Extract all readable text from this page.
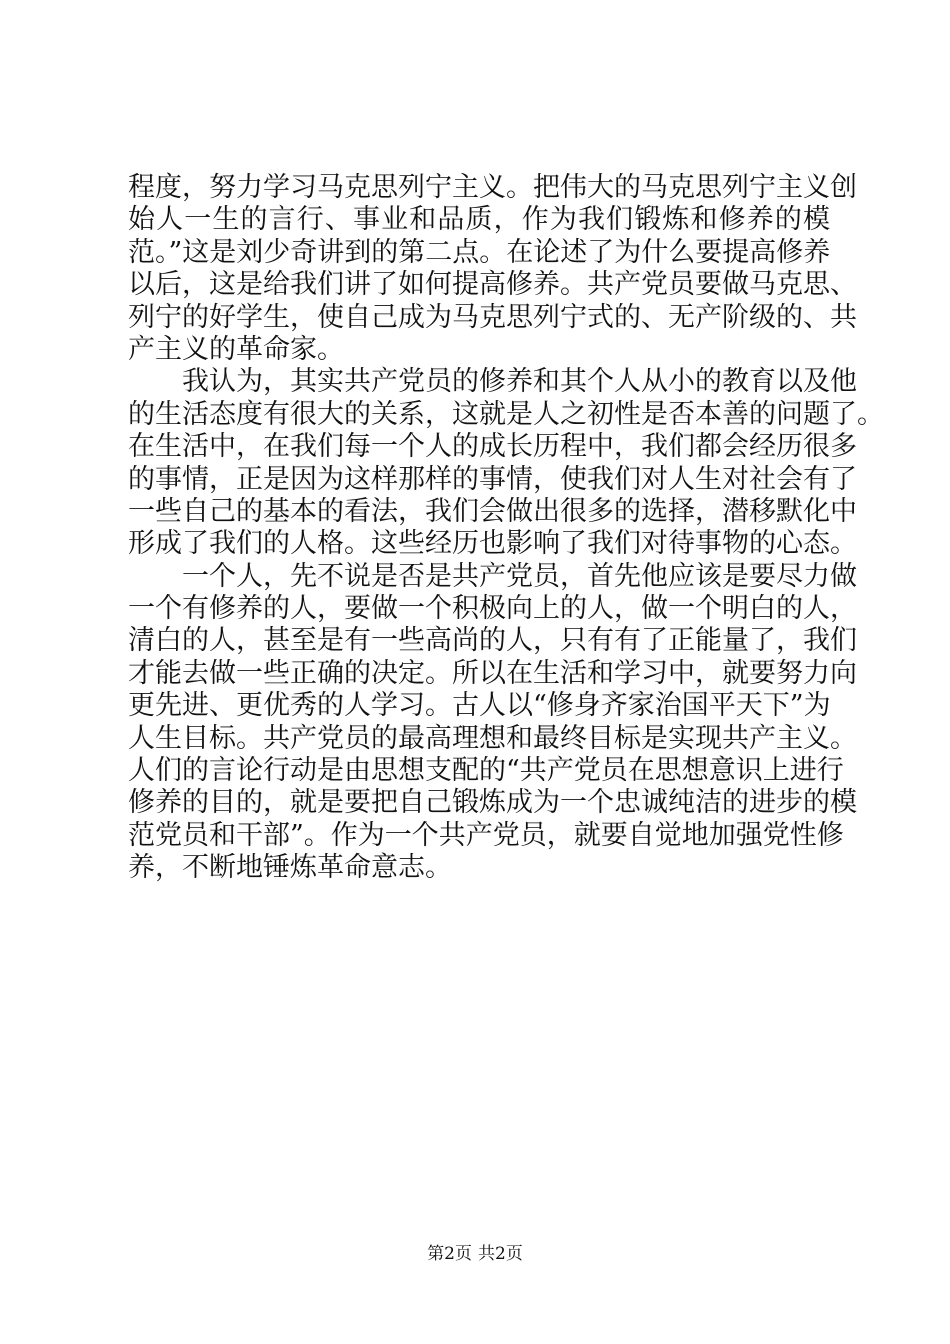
程度，努力学习马克思列宁主义。把伟大的马克思列宁主义创
始人一生的言行、事业和品质，作为我们锻炼和修养的模
范。”这是刘少奇讲到的第二点。在论述了为什么要提高修养
以后，这是给我们讲了如何提高修养。共产党员要做马克思、
列宁的好学生，使自己成为马克思列宁式的、无产阶级的、共
产主义的革命家。
我认为，其实共产党员的修养和其个人从小的教育以及他
的生活态度有很大的关系，这就是人之初性是否本善的问题了。
在生活中，在我们每一个人的成长历程中，我们都会经历很多
的事情，正是因为这样那样的事情，使我们对人生对社会有了
一些自己的基本的看法，我们会做出很多的选择，潜移默化中
形成了我们的人格。这些经历也影响了我们对待事物的心态。
一个人，先不说是否是共产党员，首先他应该是要尽力做
一个有修养的人，要做一个积极向上的人，做一个明白的人，
清白的人，甚至是有一些高尚的人，只有有了正能量了，我们
才能去做一些正确的决定。所以在生活和学习中，就要努力向
更先进、更优秀的人学习。古人以“修身齐家治国平天下”为
人生目标。共产党员的最高理想和最终目标是实现共产主义。
人们的言论行动是由思想支配的“共产党员在思想意识上进行
修养的目的，就是要把自己锻炼成为一个忠诚纯洁的进步的模
范党员和干部”。作为一个共产党员，就要自觉地加强党性修
养，不断地锤炼革命意志。
第2页 共2页
